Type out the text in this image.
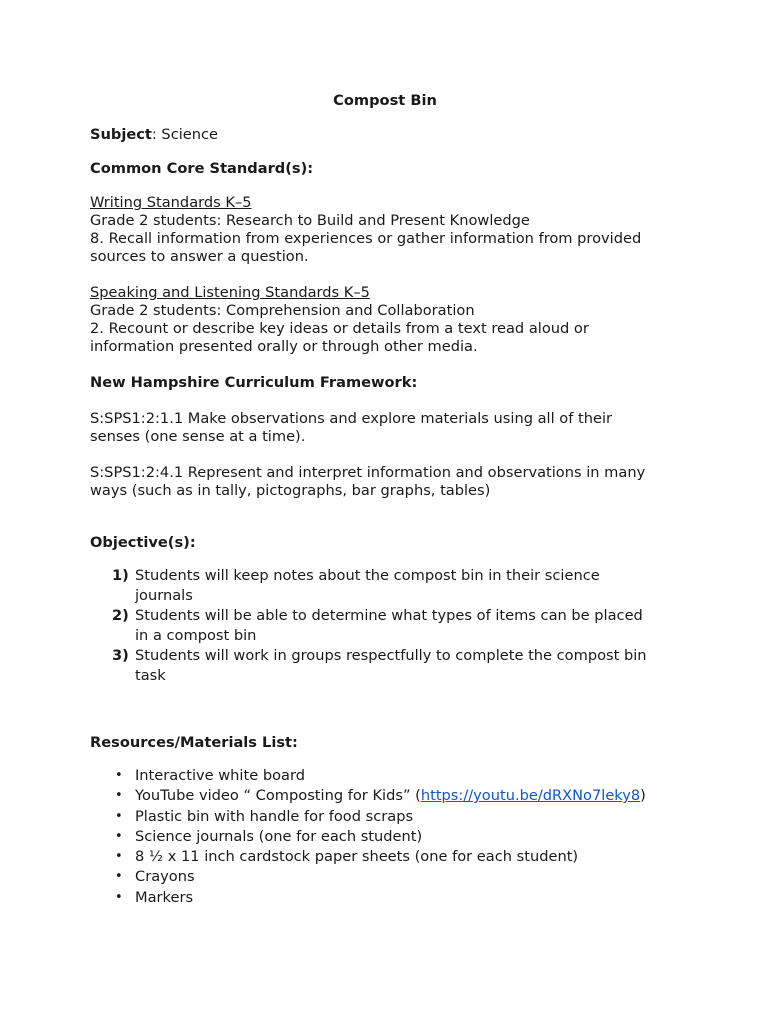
Compost Bin

Subject: Science

Common Core Standard(s):

Writing Standards K–5

Grade 2 students: Research to Build and Present Knowledge

8. Recall information from experiences or gather information from provided

sources to answer a question.

Speaking and Listening Standards K–5

Grade 2 students: Comprehension and Collaboration

2. Recount or describe key ideas or details from a text read aloud or

information presented orally or through other media.

New Hampshire Curriculum Framework:

S:SPS1:2:1.1 Make observations and explore materials using all of their

senses (one sense at a time).

S:SPS1:2:4.1 Represent and interpret information and observations in many

ways (such as in tally, pictographs, bar graphs, tables)

Objective(s):

1) Students will keep notes about the compost bin in their science
journals
2) Students will be able to determine what types of items can be placed
in a compost bin
3) Students will work in groups respectfully to complete the compost bin
task

Resources/Materials List:

• Interactive white board
• YouTube video “ Composting for Kids” (https://youtu.be/dRXNo7leky8)
• Plastic bin with handle for food scraps
• Science journals (one for each student)
• 8 ½ x 11 inch cardstock paper sheets (one for each student)
• Crayons
• Markers
